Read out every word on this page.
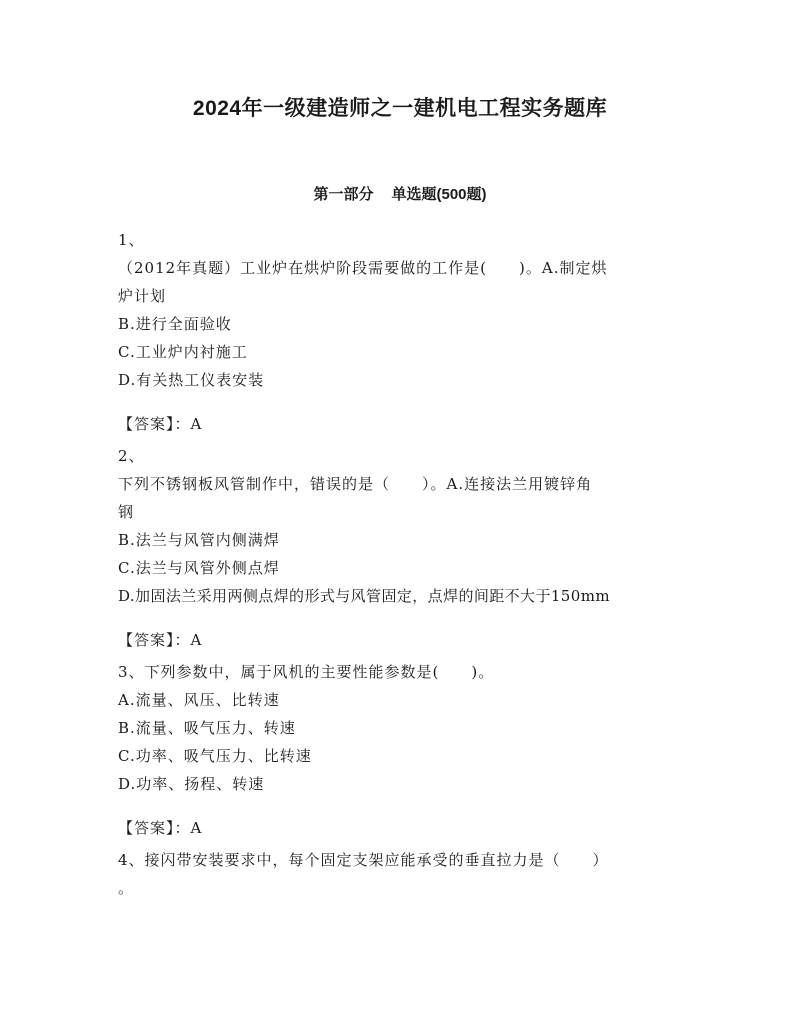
2024年一级建造师之一建机电工程实务题库
第一部分 单选题(500题)
1、
（2012年真题）工业炉在烘炉阶段需要做的工作是(　　)。A.制定烘
炉计划
B.进行全面验收
C.工业炉内衬施工
D.有关热工仪表安装
【答案】：A
2、
下列不锈钢板风管制作中，错误的是（　　）。A.连接法兰用镀锌角
钢
B.法兰与风管内侧满焊
C.法兰与风管外侧点焊
D.加固法兰采用两侧点焊的形式与风管固定，点焊的间距不大于150mm
【答案】：A
3、下列参数中，属于风机的主要性能参数是(　　)。
A.流量、风压、比转速
B.流量、吸气压力、转速
C.功率、吸气压力、比转速
D.功率、扬程、转速
【答案】：A
4、接闪带安装要求中，每个固定支架应能承受的垂直拉力是（　　）
。
